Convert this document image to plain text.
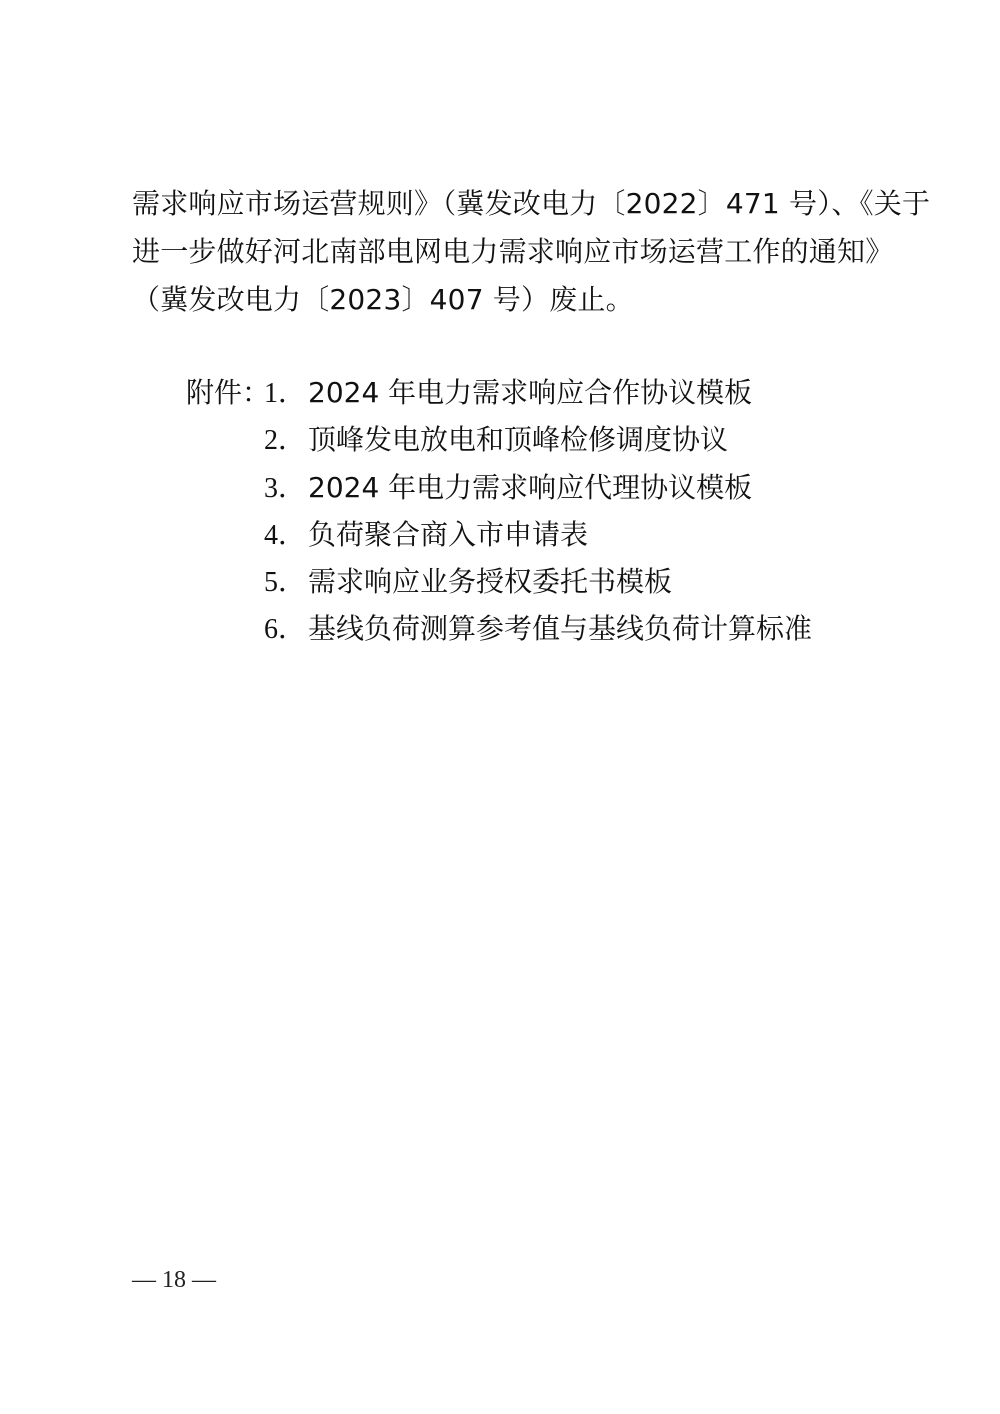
需求响应市场运营规则》（冀发改电力〔2022〕471 号）、《关于
进一步做好河北南部电网电力需求响应市场运营工作的通知》
（冀发改电力〔2023〕407 号）废止。
附件：
1．2024 年电力需求响应合作协议模板
2．顶峰发电放电和顶峰检修调度协议
3．2024 年电力需求响应代理协议模板
4．负荷聚合商入市申请表
5．需求响应业务授权委托书模板
6．基线负荷测算参考值与基线负荷计算标准
— 18 —
